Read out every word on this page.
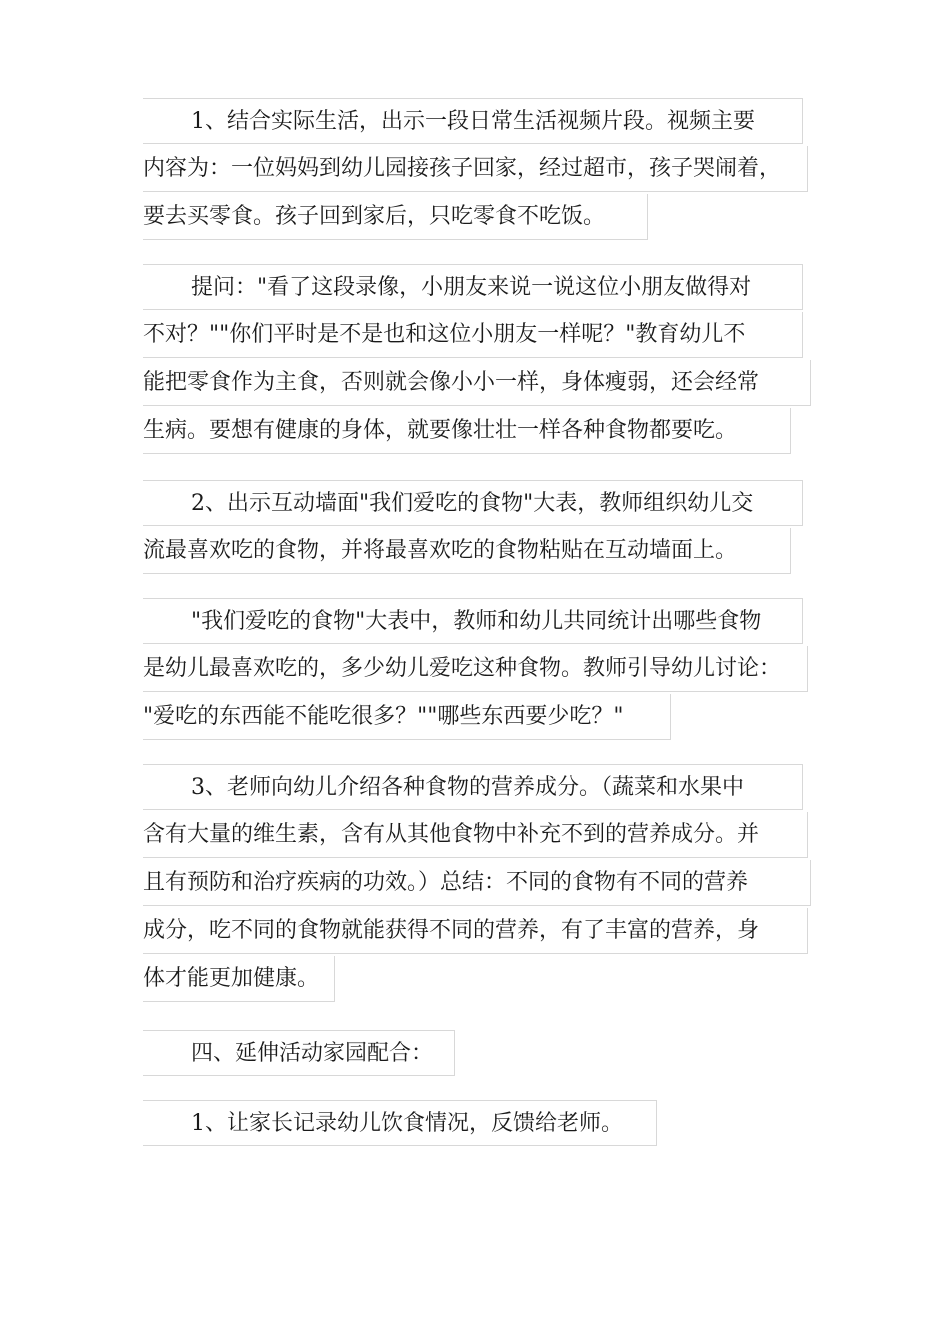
1、结合实际生活，出示一段日常生活视频片段。视频主要
内容为：一位妈妈到幼儿园接孩子回家，经过超市，孩子哭闹着，
要去买零食。孩子回到家后，只吃零食不吃饭。
提问："看了这段录像，小朋友来说一说这位小朋友做得对
不对？""你们平时是不是也和这位小朋友一样呢？"教育幼儿不
能把零食作为主食，否则就会像小小一样，身体瘦弱，还会经常
生病。要想有健康的身体，就要像壮壮一样各种食物都要吃。
2、出示互动墙面"我们爱吃的食物"大表，教师组织幼儿交
流最喜欢吃的食物，并将最喜欢吃的食物粘贴在互动墙面上。
"我们爱吃的食物"大表中，教师和幼儿共同统计出哪些食物
是幼儿最喜欢吃的，多少幼儿爱吃这种食物。教师引导幼儿讨论：
"爱吃的东西能不能吃很多？""哪些东西要少吃？"
3、老师向幼儿介绍各种食物的营养成分。（蔬菜和水果中
含有大量的维生素，含有从其他食物中补充不到的营养成分。并
且有预防和治疗疾病的功效。）总结：不同的食物有不同的营养
成分，吃不同的食物就能获得不同的营养，有了丰富的营养，身
体才能更加健康。
四、延伸活动家园配合：
1、让家长记录幼儿饮食情况，反馈给老师。
